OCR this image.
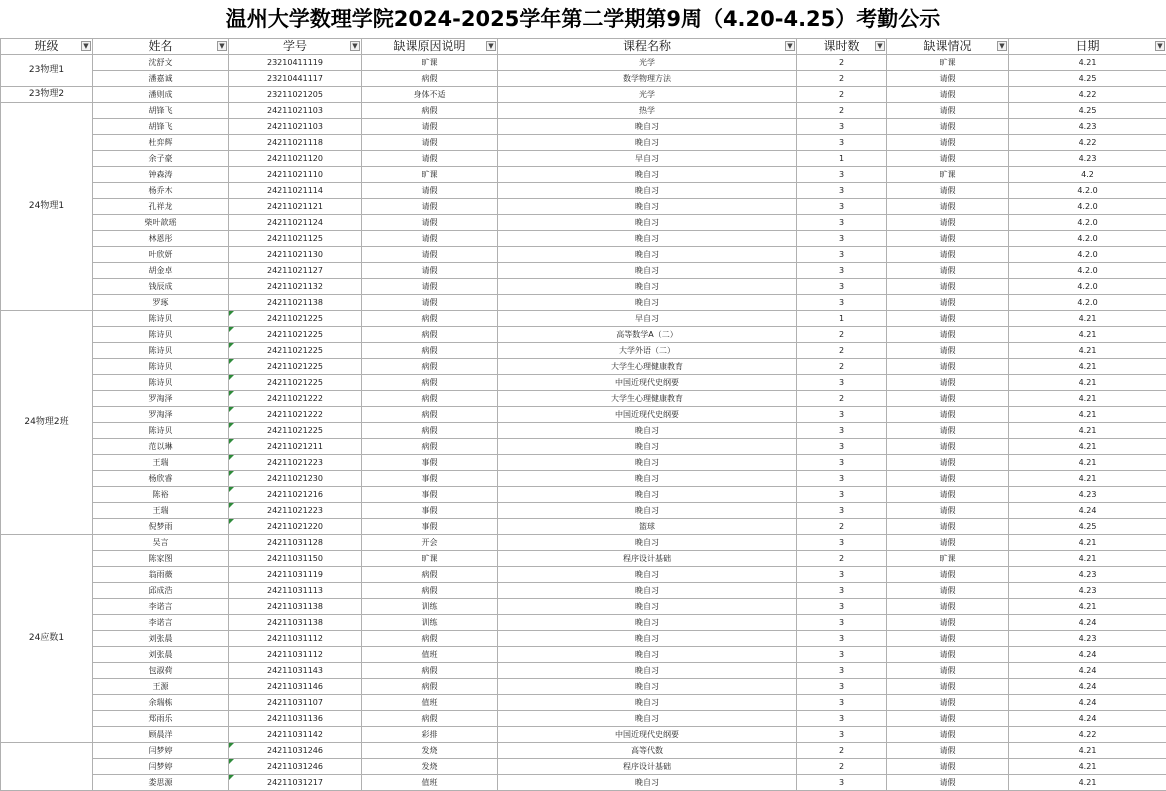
温州大学数理学院2024-2025学年第二学期第9周（4.20-4.25）考勤公示
班级 ▼	姓名 ▼	学号 ▼	缺课原因说明 ▼	课程名称 ▼	课时数 ▼	缺课情况 ▼	日期 ▼

23物理1	沈舒文	23210411119	旷课	光学	2	旷课	4.21
	潘嘉诚	23210441117	病假	数学物理方法	2	请假	4.25
23物理2	潘则成	23211021205	身体不适	光学	2	请假	4.22
24物理1	胡锋飞	24211021103	病假	热学	2	请假	4.25
	胡锋飞	24211021103	请假	晚自习	3	请假	4.23
	杜弈辉	24211021118	请假	晚自习	3	请假	4.22
	余子豪	24211021120	请假	早自习	1	请假	4.23
	钟森涛	24211021110	旷课	晚自习	3	旷课	4.2
	杨乔木	24211021114	请假	晚自习	3	请假	4.2.0
	孔祥龙	24211021121	请假	晚自习	3	请假	4.2.0
	柴叶歆瑶	24211021124	请假	晚自习	3	请假	4.2.0
	林恩彤	24211021125	请假	晚自习	3	请假	4.2.0
	叶欣妍	24211021130	请假	晚自习	3	请假	4.2.0
	胡金卓	24211021127	请假	晚自习	3	请假	4.2.0
	钱辰成	24211021132	请假	晚自习	3	请假	4.2.0
	罗琢	24211021138	请假	晚自习	3	请假	4.2.0
24物理2班	陈诗贝	24211021225	病假	早自习	1	请假	4.21
	陈诗贝	24211021225	病假	高等数学A（二）	2	请假	4.21
	陈诗贝	24211021225	病假	大学外语（二）	2	请假	4.21
	陈诗贝	24211021225	病假	大学生心理健康教育	2	请假	4.21
	陈诗贝	24211021225	病假	中国近现代史纲要	3	请假	4.21
	罗淘泽	24211021222	病假	大学生心理健康教育	2	请假	4.21
	罗淘泽	24211021222	病假	中国近现代史纲要	3	请假	4.21
	陈诗贝	24211021225	病假	晚自习	3	请假	4.21
	范以琳	24211021211	病假	晚自习	3	请假	4.21
	王瑞	24211021223	事假	晚自习	3	请假	4.21
	杨欣睿	24211021230	事假	晚自习	3	请假	4.21
	陈裕	24211021216	事假	晚自习	3	请假	4.23
	王瑞	24211021223	事假	晚自习	3	请假	4.24
	倪梦雨	24211021220	事假	篮球	2	请假	4.25
24应数1	吴言	24211031128	开会	晚自习	3	请假	4.21
	陈家图	24211031150	旷课	程序设计基础	2	旷课	4.21
	翁雨薇	24211031119	病假	晚自习	3	请假	4.23
	邱成浩	24211031113	病假	晚自习	3	请假	4.23
	李诺言	24211031138	训练	晚自习	3	请假	4.21
	李诺言	24211031138	训练	晚自习	3	请假	4.24
	刘张晨	24211031112	病假	晚自习	3	请假	4.23
	刘张晨	24211031112	值班	晚自习	3	请假	4.24
	包淑荷	24211031143	病假	晚自习	3	请假	4.24
	王源	24211031146	病假	晚自习	3	请假	4.24
	余瑞栋	24211031107	值班	晚自习	3	请假	4.24
	郑雨乐	24211031136	病假	晚自习	3	请假	4.24
	顾晨洋	24211031142	彩排	中国近现代史纲要	3	请假	4.22
	闫梦婷	24211031246	发烧	高等代数	2	请假	4.21
	闫梦婷	24211031246	发烧	程序设计基础	2	请假	4.21
	娄思源	24211031217	值班	晚自习	3	请假	4.21
